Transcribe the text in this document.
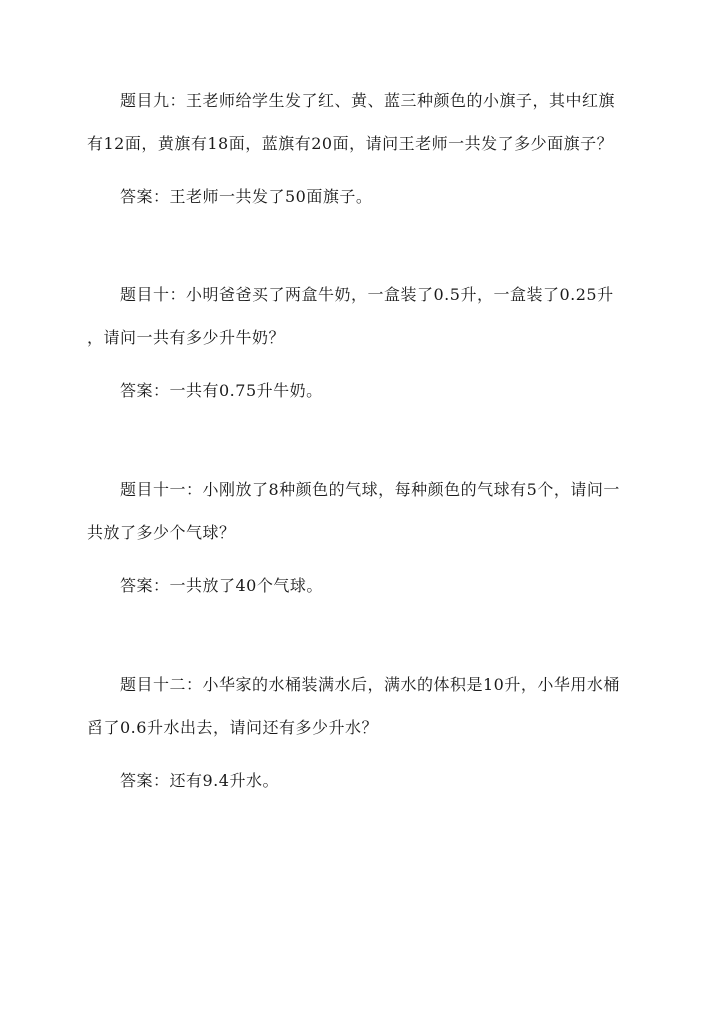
题目九：王老师给学生发了红、黄、蓝三种颜色的小旗子，其中红旗
有12面，黄旗有18面，蓝旗有20面，请问王老师一共发了多少面旗子？
答案：王老师一共发了50面旗子。
题目十：小明爸爸买了两盒牛奶，一盒装了0.5升，一盒装了0.25升
，请问一共有多少升牛奶？
答案：一共有0.75升牛奶。
题目十一：小刚放了8种颜色的气球，每种颜色的气球有5个，请问一
共放了多少个气球？
答案：一共放了40个气球。
题目十二：小华家的水桶装满水后，满水的体积是10升，小华用水桶
舀了0.6升水出去，请问还有多少升水？
答案：还有9.4升水。
